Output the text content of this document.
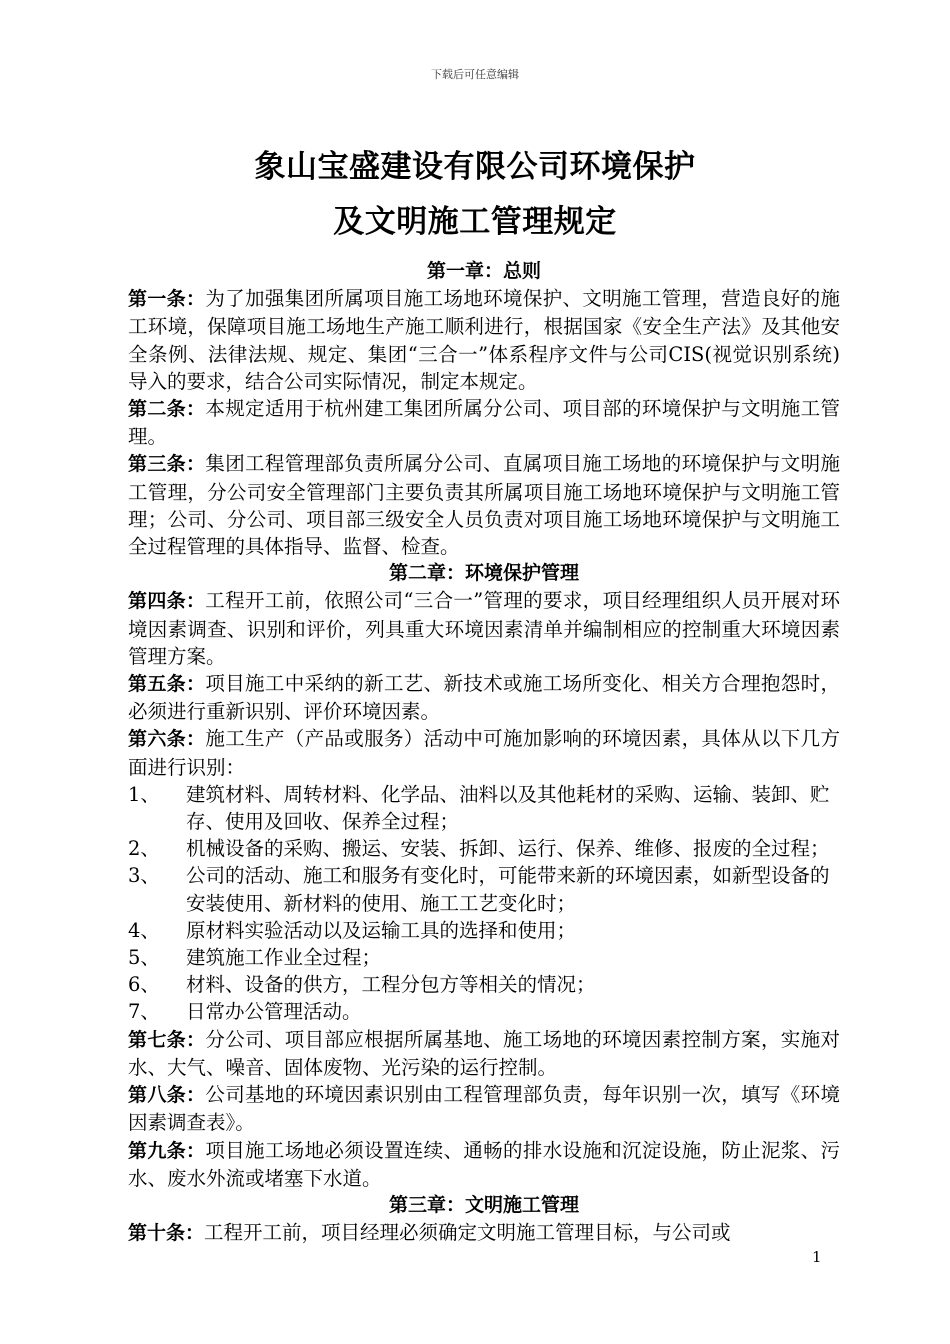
下载后可任意编辑
象山宝盛建设有限公司环境保护
及文明施工管理规定
第一章：总则
第一条：为了加强集团所属项目施工场地环境保护、文明施工管理，营造良好的施工环境，保障项目施工场地生产施工顺利进行，根据国家《安全生产法》及其他安全条例、法律法规、规定、集团“三合一”体系程序文件与公司CIS(视觉识别系统)导入的要求，结合公司实际情况，制定本规定。
第二条：本规定适用于杭州建工集团所属分公司、项目部的环境保护与文明施工管理。
第三条：集团工程管理部负责所属分公司、直属项目施工场地的环境保护与文明施工管理，分公司安全管理部门主要负责其所属项目施工场地环境保护与文明施工管理；公司、分公司、项目部三级安全人员负责对项目施工场地环境保护与文明施工全过程管理的具体指导、监督、检查。
第二章：环境保护管理
第四条：工程开工前，依照公司“三合一”管理的要求，项目经理组织人员开展对环境因素调查、识别和评价，列具重大环境因素清单并编制相应的控制重大环境因素管理方案。
第五条：项目施工中采纳的新工艺、新技术或施工场所变化、相关方合理抱怨时，必须进行重新识别、评价环境因素。
第六条：施工生产（产品或服务）活动中可施加影响的环境因素，具体从以下几方面进行识别：
1、	建筑材料、周转材料、化学品、油料以及其他耗材的采购、运输、装卸、贮存、使用及回收、保养全过程；
2、	机械设备的采购、搬运、安装、拆卸、运行、保养、维修、报废的全过程；
3、	公司的活动、施工和服务有变化时，可能带来新的环境因素，如新型设备的安装使用、新材料的使用、施工工艺变化时；
4、	原材料实验活动以及运输工具的选择和使用；
5、	建筑施工作业全过程；
6、	材料、设备的供方，工程分包方等相关的情况；
7、	日常办公管理活动。
第七条：分公司、项目部应根据所属基地、施工场地的环境因素控制方案，实施对水、大气、噪音、固体废物、光污染的运行控制。
第八条：公司基地的环境因素识别由工程管理部负责，每年识别一次，填写《环境因素调查表》。
第九条：项目施工场地必须设置连续、通畅的排水设施和沉淀设施，防止泥浆、污水、废水外流或堵塞下水道。
第三章：文明施工管理
第十条：工程开工前，项目经理必须确定文明施工管理目标，与公司或
1
